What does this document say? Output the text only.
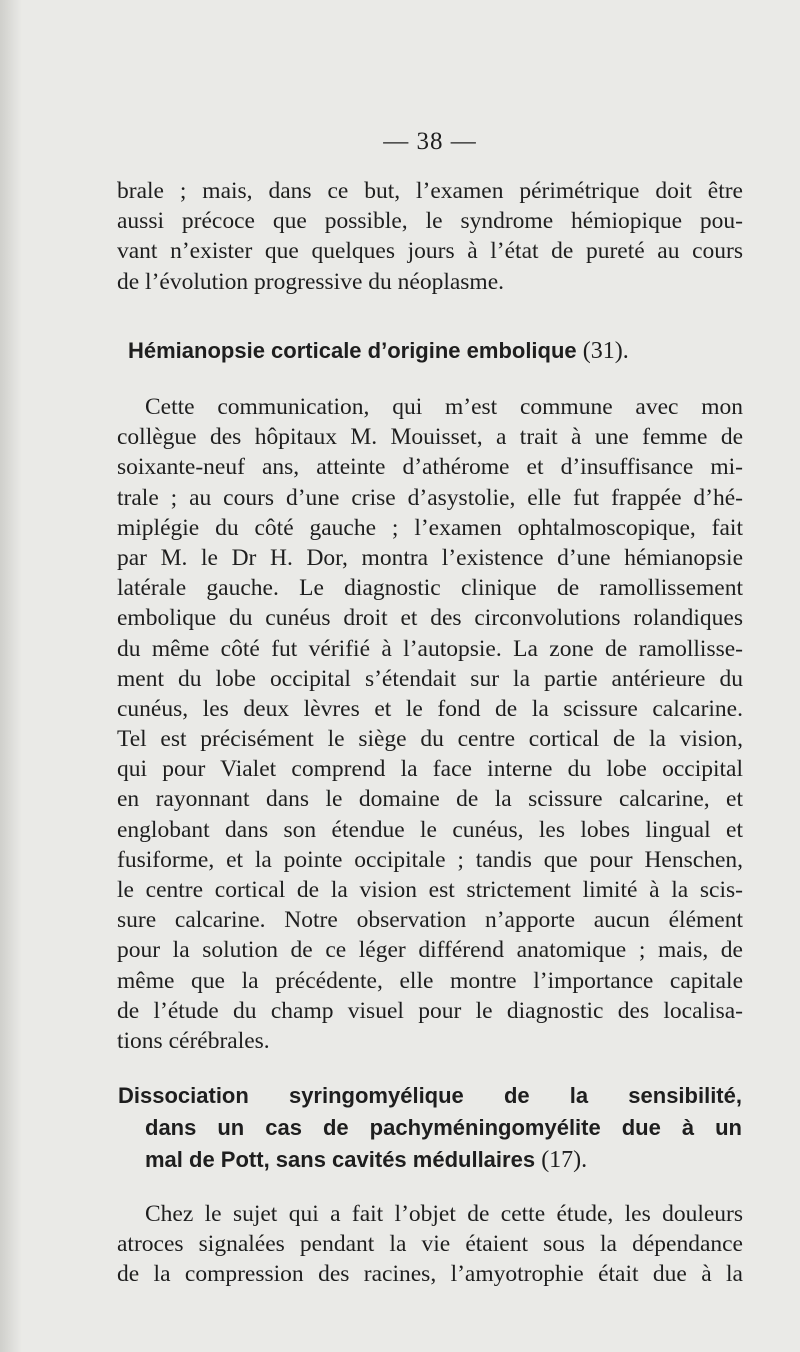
— 38 —
brale ; mais, dans ce but, l’examen périmétrique doit être
aussi précoce que possible, le syndrome hémiopique pou-
vant n’exister que quelques jours à l’état de pureté au cours
de l’évolution progressive du néoplasme.
Hémianopsie corticale d’origine embolique (31).
Cette communication, qui m’est commune avec mon
collègue des hôpitaux M. Mouisset, a trait à une femme de
soixante-neuf ans, atteinte d’athérome et d’insuffisance mi-
trale ; au cours d’une crise d’asystolie, elle fut frappée d’hé-
miplégie du côté gauche ; l’examen ophtalmoscopique, fait
par M. le Dr H. Dor, montra l’existence d’une hémianopsie
latérale gauche. Le diagnostic clinique de ramollissement
embolique du cunéus droit et des circonvolutions rolandiques
du même côté fut vérifié à l’autopsie. La zone de ramollisse-
ment du lobe occipital s’étendait sur la partie antérieure du
cunéus, les deux lèvres et le fond de la scissure calcarine.
Tel est précisément le siège du centre cortical de la vision,
qui pour Vialet comprend la face interne du lobe occipital
en rayonnant dans le domaine de la scissure calcarine, et
englobant dans son étendue le cunéus, les lobes lingual et
fusiforme, et la pointe occipitale ; tandis que pour Henschen,
le centre cortical de la vision est strictement limité à la scis-
sure calcarine. Notre observation n’apporte aucun élément
pour la solution de ce léger différend anatomique ; mais, de
même que la précédente, elle montre l’importance capitale
de l’étude du champ visuel pour le diagnostic des localisa-
tions cérébrales.
Dissociation syringomyélique de la sensibilité,
dans un cas de pachyméningomyélite due à un
mal de Pott, sans cavités médullaires (17).
Chez le sujet qui a fait l’objet de cette étude, les douleurs
atroces signalées pendant la vie étaient sous la dépendance
de la compression des racines, l’amyotrophie était due à la
